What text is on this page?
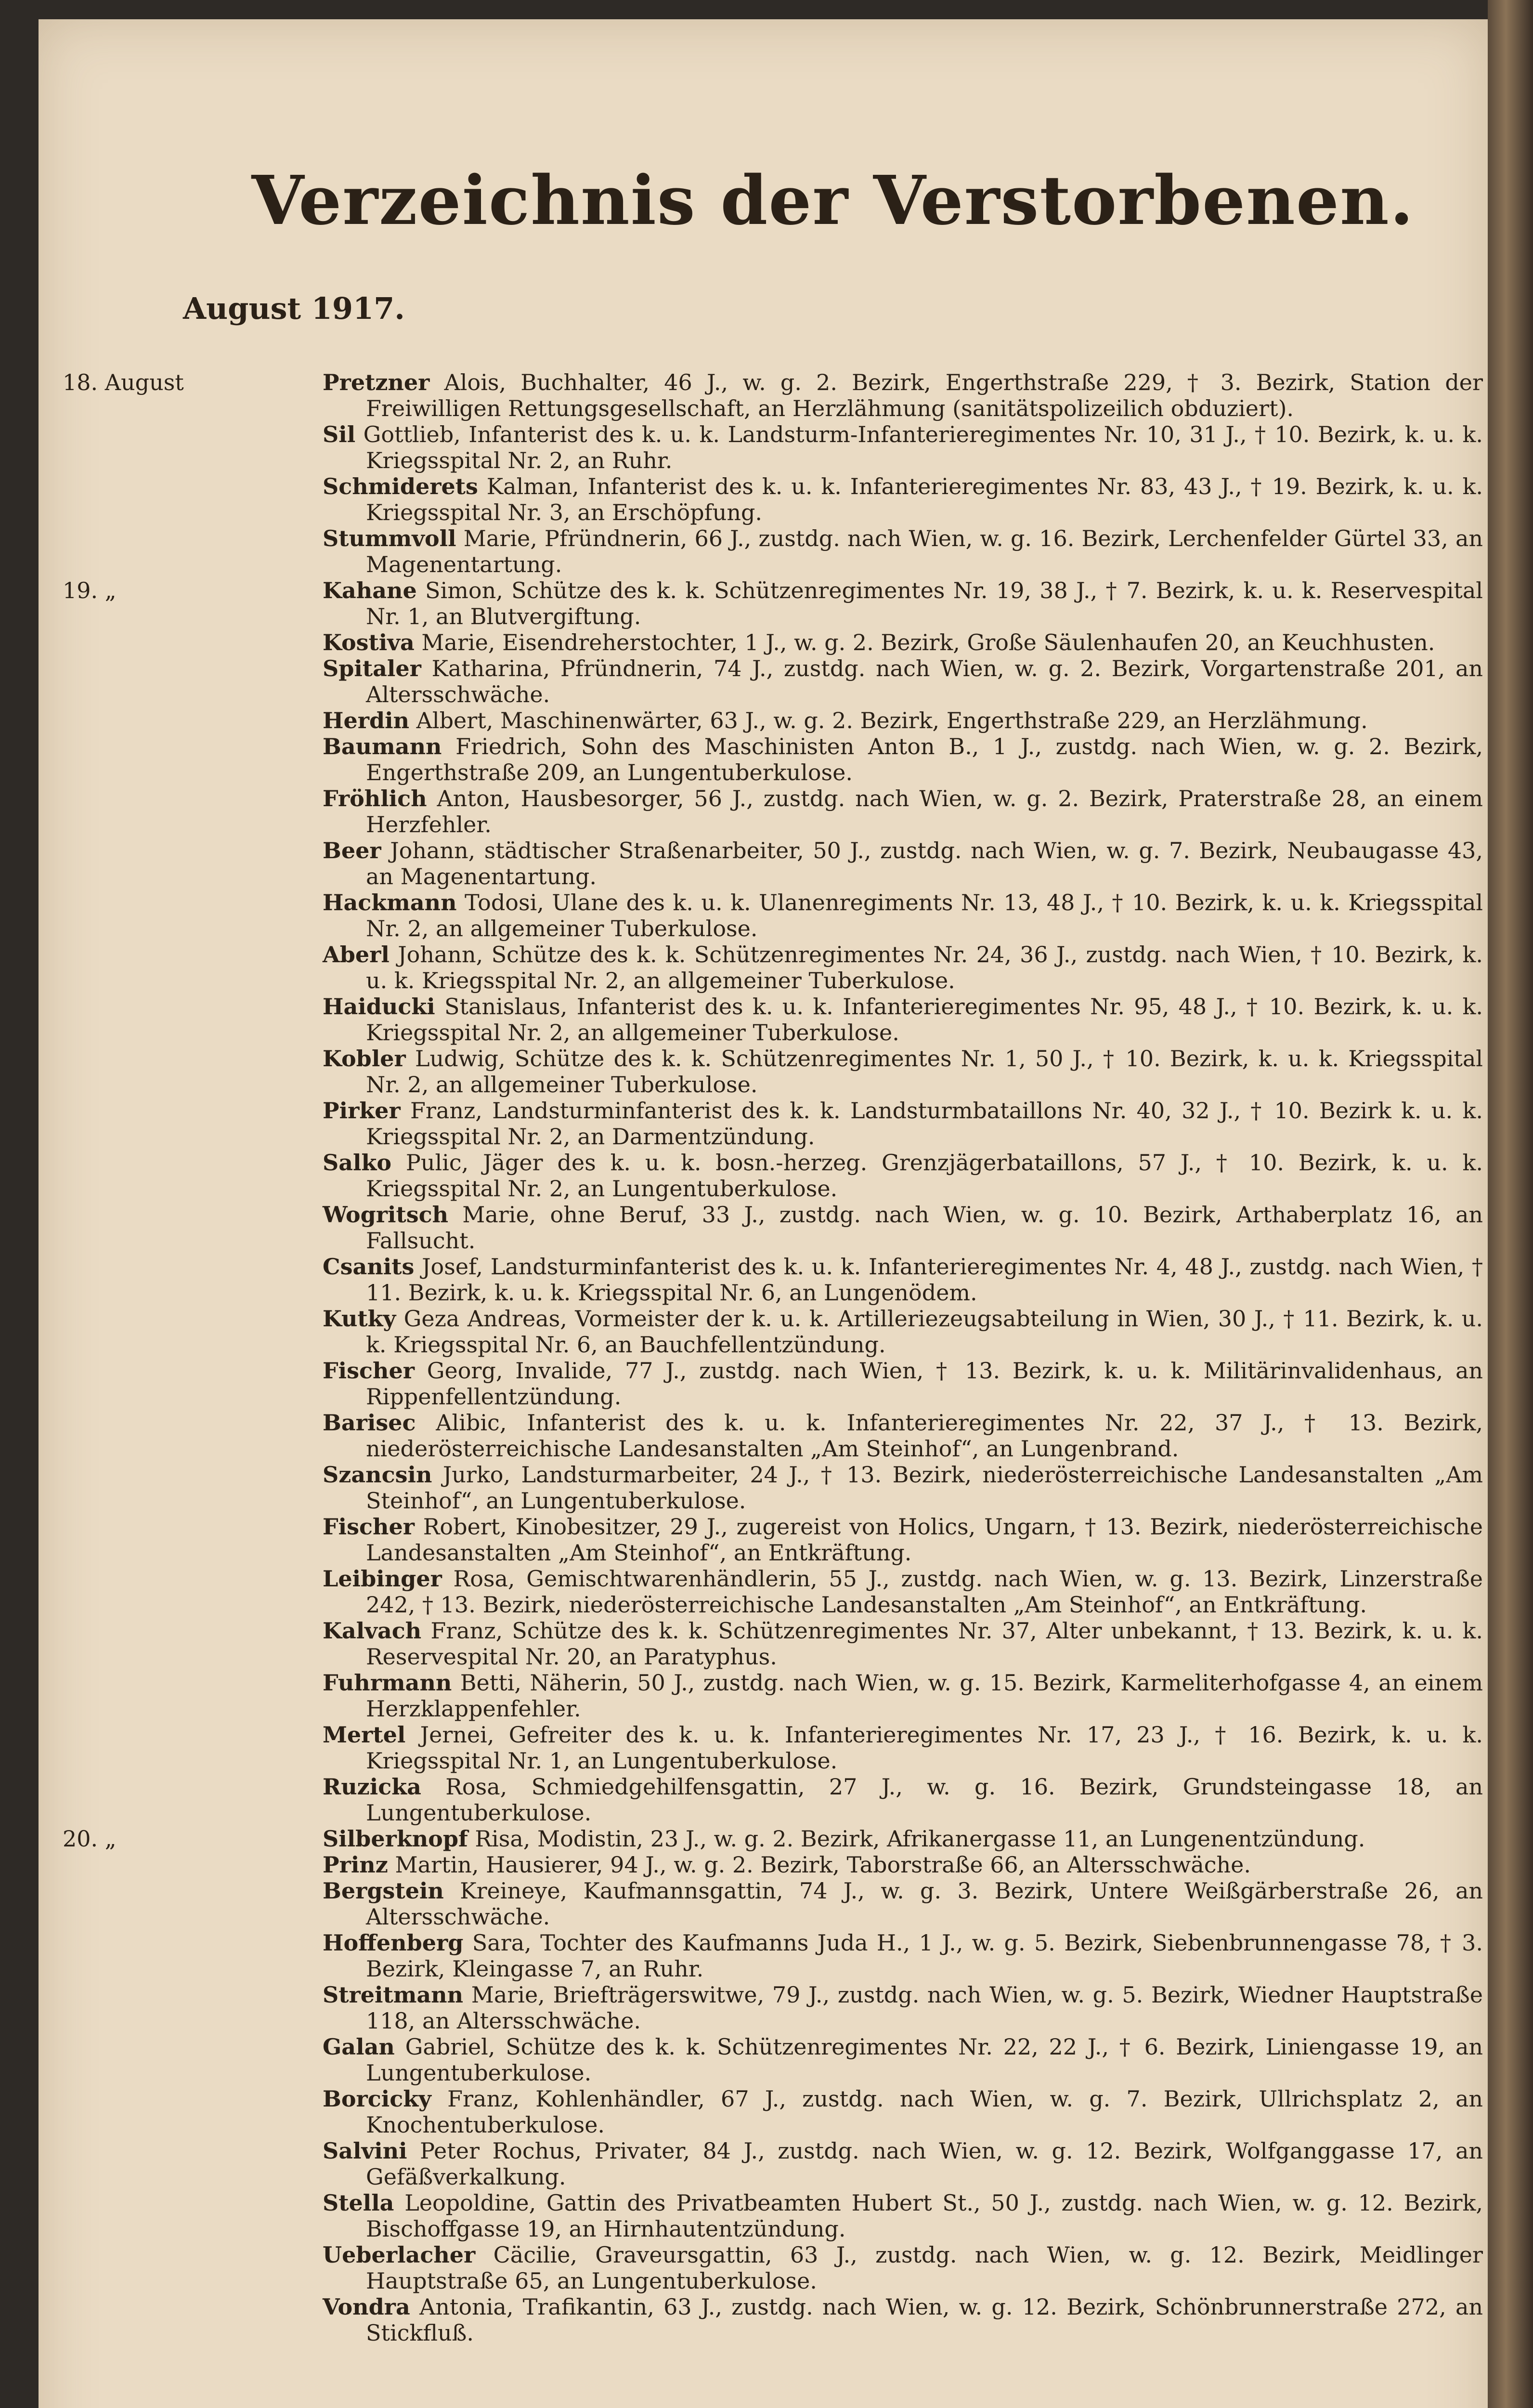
Verzeichnis der Verstorbenen.
August 1917.
18. August	Pretzner Alois, Buchhalter, 46 J., w. g. 2. Bezirk, Engerthstraße 229, † 3. Bezirk, Station der Freiwilligen Rettungsgesellschaft, an Herzlähmung (sanitätspolizeilich obduziert).
Sil Gottlieb, Infanterist des k. u. k. Landsturm-Infanterieregimentes Nr. 10, 31 J., † 10. Bezirk, k. u. k. Kriegsspital Nr. 2, an Ruhr.
Schmiderets Kalman, Infanterist des k. u. k. Infanterieregimentes Nr. 83, 43 J., † 19. Bezirk, k. u. k. Kriegsspital Nr. 3, an Erschöpfung.
Stummvoll Marie, Pfründnerin, 66 J., zustdg. nach Wien, w. g. 16. Bezirk, Lerchenfelder Gürtel 33, an Magenentartung.
19. „	Kahane Simon, Schütze des k. k. Schützenregimentes Nr. 19, 38 J., † 7. Bezirk, k. u. k. Reservespital Nr. 1, an Blutvergiftung.
Kostiva Marie, Eisendreherstochter, 1 J., w. g. 2. Bezirk, Große Säulenhaufen 20, an Keuchhusten.
Spitaler Katharina, Pfründnerin, 74 J., zustdg. nach Wien, w. g. 2. Bezirk, Vorgartenstraße 201, an Altersschwäche.
Herdin Albert, Maschinenwärter, 63 J., w. g. 2. Bezirk, Engerthstraße 229, an Herzlähmung.
Baumann Friedrich, Sohn des Maschinisten Anton B., 1 J., zustdg. nach Wien, w. g. 2. Bezirk, Engerthstraße 209, an Lungentuberkulose.
Fröhlich Anton, Hausbesorger, 56 J., zustdg. nach Wien, w. g. 2. Bezirk, Praterstraße 28, an einem Herzfehler.
Beer Johann, städtischer Straßenarbeiter, 50 J., zustdg. nach Wien, w. g. 7. Bezirk, Neubaugasse 43, an Magenentartung.
Hackmann Todosi, Ulane des k. u. k. Ulanenregiments Nr. 13, 48 J., † 10. Bezirk, k. u. k. Kriegsspital Nr. 2, an allgemeiner Tuberkulose.
Aberl Johann, Schütze des k. k. Schützenregimentes Nr. 24, 36 J., zustdg. nach Wien, † 10. Bezirk, k. u. k. Kriegsspital Nr. 2, an allgemeiner Tuberkulose.
Haiducki Stanislaus, Infanterist des k. u. k. Infanterieregimentes Nr. 95, 48 J., † 10. Bezirk, k. u. k. Kriegsspital Nr. 2, an allgemeiner Tuberkulose.
Kobler Ludwig, Schütze des k. k. Schützenregimentes Nr. 1, 50 J., † 10. Bezirk, k. u. k. Kriegsspital Nr. 2, an allgemeiner Tuberkulose.
Pirker Franz, Landsturminfanterist des k. k. Landsturmbataillons Nr. 40, 32 J., † 10. Bezirk k. u. k. Kriegsspital Nr. 2, an Darmentzündung.
Salko Pulic, Jäger des k. u. k. bosn.-herzeg. Grenzjägerbataillons, 57 J., † 10. Bezirk, k. u. k. Kriegsspital Nr. 2, an Lungentuberkulose.
Wogritsch Marie, ohne Beruf, 33 J., zustdg. nach Wien, w. g. 10. Bezirk, Arthaberplatz 16, an Fallsucht.
Csanits Josef, Landsturminfanterist des k. u. k. Infanterieregimentes Nr. 4, 48 J., zustdg. nach Wien, † 11. Bezirk, k. u. k. Kriegsspital Nr. 6, an Lungenödem.
Kutky Geza Andreas, Vormeister der k. u. k. Artilleriezeugsabteilung in Wien, 30 J., † 11. Bezirk, k. u. k. Kriegsspital Nr. 6, an Bauchfellentzündung.
Fischer Georg, Invalide, 77 J., zustdg. nach Wien, † 13. Bezirk, k. u. k. Militärinvalidenhaus, an Rippenfellentzündung.
Barisec Alibic, Infanterist des k. u. k. Infanterieregimentes Nr. 22, 37 J., † 13. Bezirk, niederösterreichische Landesanstalten „Am Steinhof“, an Lungenbrand.
Szancsin Jurko, Landsturmarbeiter, 24 J., † 13. Bezirk, niederösterreichische Landesanstalten „Am Steinhof“, an Lungentuberkulose.
Fischer Robert, Kinobesitzer, 29 J., zugereist von Holics, Ungarn, † 13. Bezirk, niederösterreichische Landesanstalten „Am Steinhof“, an Entkräftung.
Leibinger Rosa, Gemischtwarenhändlerin, 55 J., zustdg. nach Wien, w. g. 13. Bezirk, Linzerstraße 242, † 13. Bezirk, niederösterreichische Landesanstalten „Am Steinhof“, an Entkräftung.
Kalvach Franz, Schütze des k. k. Schützenregimentes Nr. 37, Alter unbekannt, † 13. Bezirk, k. u. k. Reservespital Nr. 20, an Paratyphus.
Fuhrmann Betti, Näherin, 50 J., zustdg. nach Wien, w. g. 15. Bezirk, Karmeliterhofgasse 4, an einem Herzklappenfehler.
Mertel Jernei, Gefreiter des k. u. k. Infanterieregimentes Nr. 17, 23 J., † 16. Bezirk, k. u. k. Kriegsspital Nr. 1, an Lungentuberkulose.
Ruzicka Rosa, Schmiedgehilfensgattin, 27 J., w. g. 16. Bezirk, Grundsteingasse 18, an Lungentuberkulose.
20. „	Silberknopf Risa, Modistin, 23 J., w. g. 2. Bezirk, Afrikanergasse 11, an Lungenentzündung.
Prinz Martin, Hausierer, 94 J., w. g. 2. Bezirk, Taborstraße 66, an Altersschwäche.
Bergstein Kreineye, Kaufmannsgattin, 74 J., w. g. 3. Bezirk, Untere Weißgärberstraße 26, an Altersschwäche.
Hoffenberg Sara, Tochter des Kaufmanns Juda H., 1 J., w. g. 5. Bezirk, Siebenbrunnengasse 78, † 3. Bezirk, Kleingasse 7, an Ruhr.
Streitmann Marie, Briefträgerswitwe, 79 J., zustdg. nach Wien, w. g. 5. Bezirk, Wiedner Hauptstraße 118, an Altersschwäche.
Galan Gabriel, Schütze des k. k. Schützenregimentes Nr. 22, 22 J., † 6. Bezirk, Liniengasse 19, an Lungentuberkulose.
Borcicky Franz, Kohlenhändler, 67 J., zustdg. nach Wien, w. g. 7. Bezirk, Ullrichsplatz 2, an Knochentuberkulose.
Salvini Peter Rochus, Privater, 84 J., zustdg. nach Wien, w. g. 12. Bezirk, Wolfganggasse 17, an Gefäßverkalkung.
Stella Leopoldine, Gattin des Privatbeamten Hubert St., 50 J., zustdg. nach Wien, w. g. 12. Bezirk, Bischoffgasse 19, an Hirnhautentzündung.
Ueberlacher Cäcilie, Graveursgattin, 63 J., zustdg. nach Wien, w. g. 12. Bezirk, Meidlinger Hauptstraße 65, an Lungentuberkulose.
Vondra Antonia, Trafikantin, 63 J., zustdg. nach Wien, w. g. 12. Bezirk, Schönbrunnerstraße 272, an Stickfluß.
